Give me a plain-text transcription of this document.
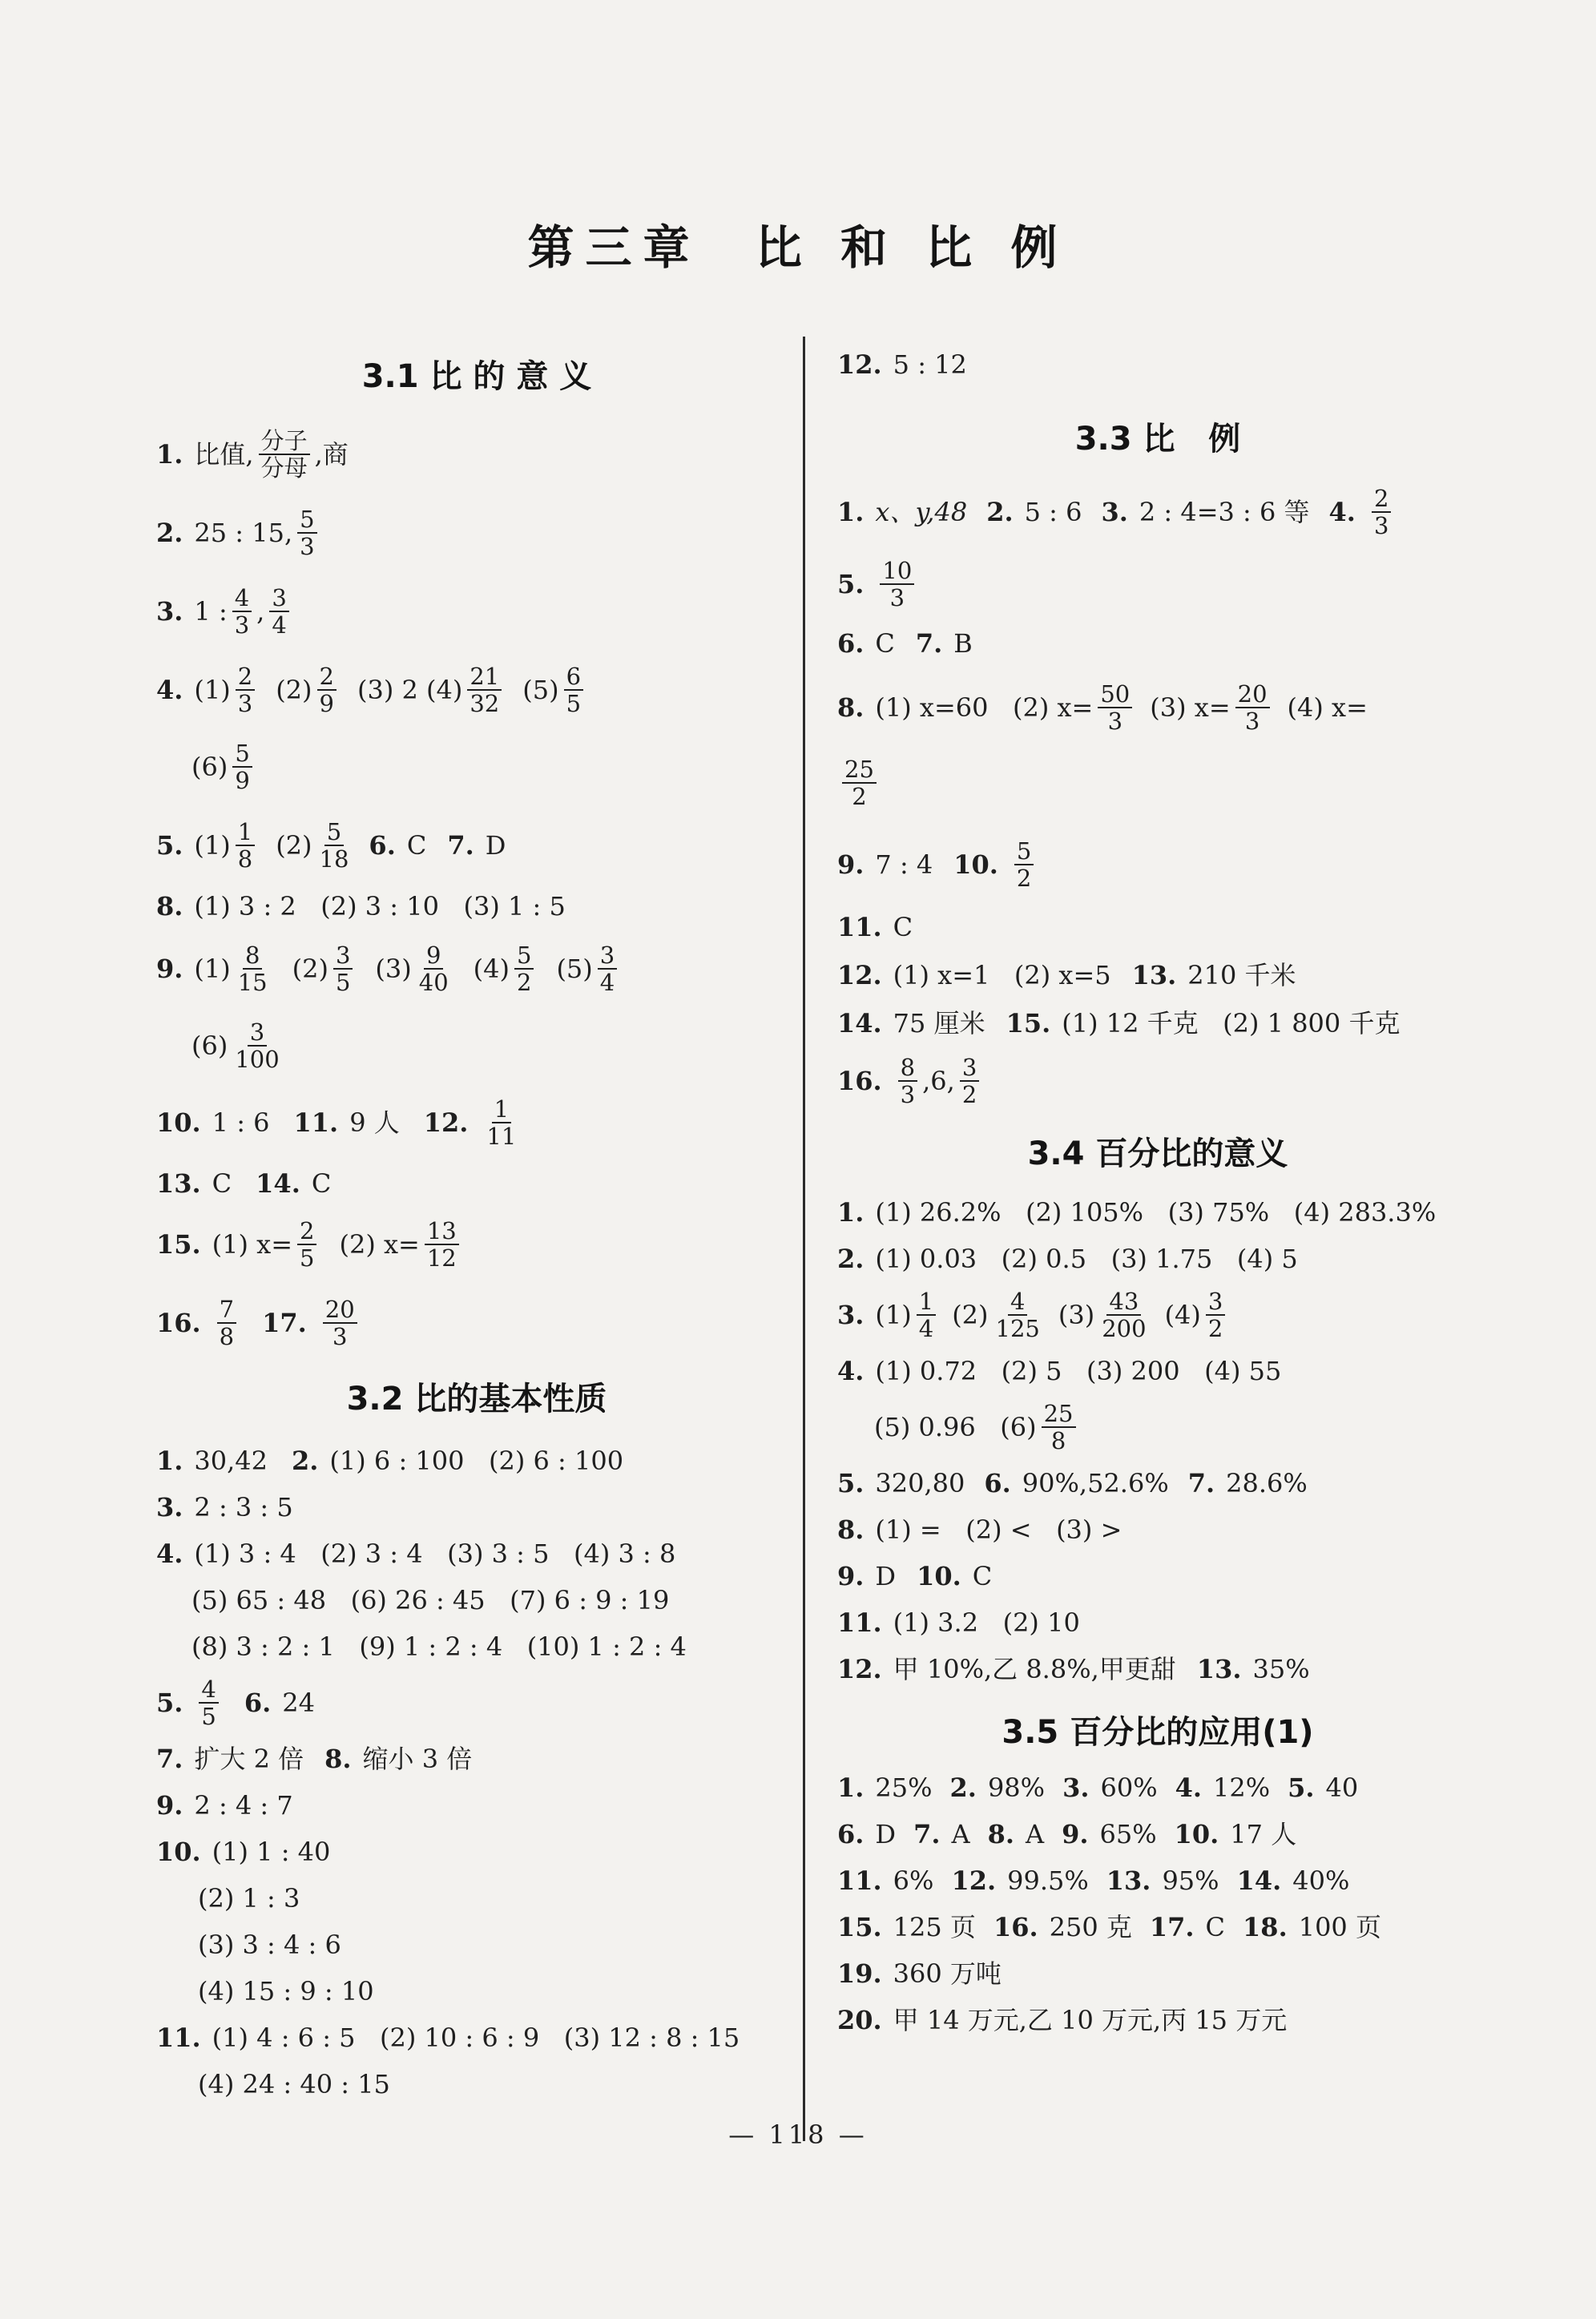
第三章  比 和 比 例
3.1 比 的 意 义
1. 比值, $\frac{\text{分子}}{\text{分母}}$ ,商
2. 25 : 15, $\frac{5}{3}$
3. 1 : $\frac{4}{3}$ , $\frac{3}{4}$
4. $(1) \frac{2}{3} (2) \frac{2}{9} (3)$ 2 $(4) \frac{21}{32} (5) \frac{6}{5}$
$(6) \frac{5}{9}$
5. $(1) \frac{1}{8} (2) \frac{5}{18} 6$. C 7. D
8. (1) 3 : 2   (2) 3 : 10   (3) 1 : 5
9. $(1) \frac{8}{15} (2) \frac{3}{5} (3) \frac{9}{40} (4) \frac{5}{2} (5) \frac{3}{4}$
$(6) \frac{3}{100}$
10. 1 : 6 11. 9 人 12. $\frac{1}{11}$
13. C 14. C
15. (1) $x= \frac{2}{5} (2)$ $x= \frac{13}{12}$
16. $\frac{7}{8} 17$. $\frac{20}{3}$
3.2 比的基本性质
1. 30,42 2. (1) 6 : 100   (2) 6 : 100
3. 2 : 3 : 5
4. (1) 3 : 4   (2) 3 : 4   (3) 3 : 5   (4) 3 : 8
(5) 65 : 48   (6) 26 : 45   (7) 6 : 9 : 19
(8) 3 : 2 : 1   (9) 1 : 2 : 4   (10) 1 : 2 : 4
5. $\frac{4}{5} 6$. 24
7. 扩大 2 倍 8. 缩小 3 倍
9. 2 : 4 : 7
10. (1) 1 : 40
(2) 1 : 3
(3) 3 : 4 : 6
(4) 15 : 9 : 10
11. (1) 4 : 6 : 5   (2) 10 : 6 : 9   (3) 12 : 8 : 15
(4) 24 : 40 : 15
12. 5 : 12
3.3 比   例
1. x、y,48 2. 5 : 6 3. 2 : 4=3 : 6 等 4. $\frac{2}{3}$
5. $\frac{10}{3}$
6. C 7. B
8. (1) x=60   (2) $x= \frac{50}{3} (3)$ $x= \frac{20}{3} (4)$ x=
$\frac{25}{2}$
9. 7 : 4 10. $\frac{5}{2}$
11. C
12. (1) x=1   (2) x=5 13. 210 千米
14. 75 厘米 15. (1) 12 千克   (2) 1 800 千克
16. $\frac{8}{3} ,6$, $\frac{3}{2}$
3.4 百分比的意义
1. (1) 26.2%   (2) 105%   (3) 75%   (4) 283.3%
2. (1) 0.03   (2) 0.5   (3) 1.75   (4) 5
3. $(1) \frac{1}{4} (2) \frac{4}{125} (3) \frac{43}{200} (4) \frac{3}{2}$
4. (1) 0.72   (2) 5   (3) 200   (4) 55
(5) 0.96   $(6) \frac{25}{8}$
5. 320,80 6. 90%,52.6% 7. 28.6%
8. (1) =   (2) <   (3) >
9. D 10. C
11. (1) 3.2   (2) 10
12. 甲 10%,乙 8.8%,甲更甜 13. 35%
3.5 百分比的应用(1)
1. 25% 2. 98% 3. 60% 4. 12% 5. 40
6. D 7. A 8. A 9. 65% 10. 17 人
11. 6% 12. 99.5% 13. 95% 14. 40%
15. 125 页 16. 250 克 17. C 18. 100 页
19. 360 万吨
20. 甲 14 万元,乙 10 万元,丙 15 万元
— 118 —
